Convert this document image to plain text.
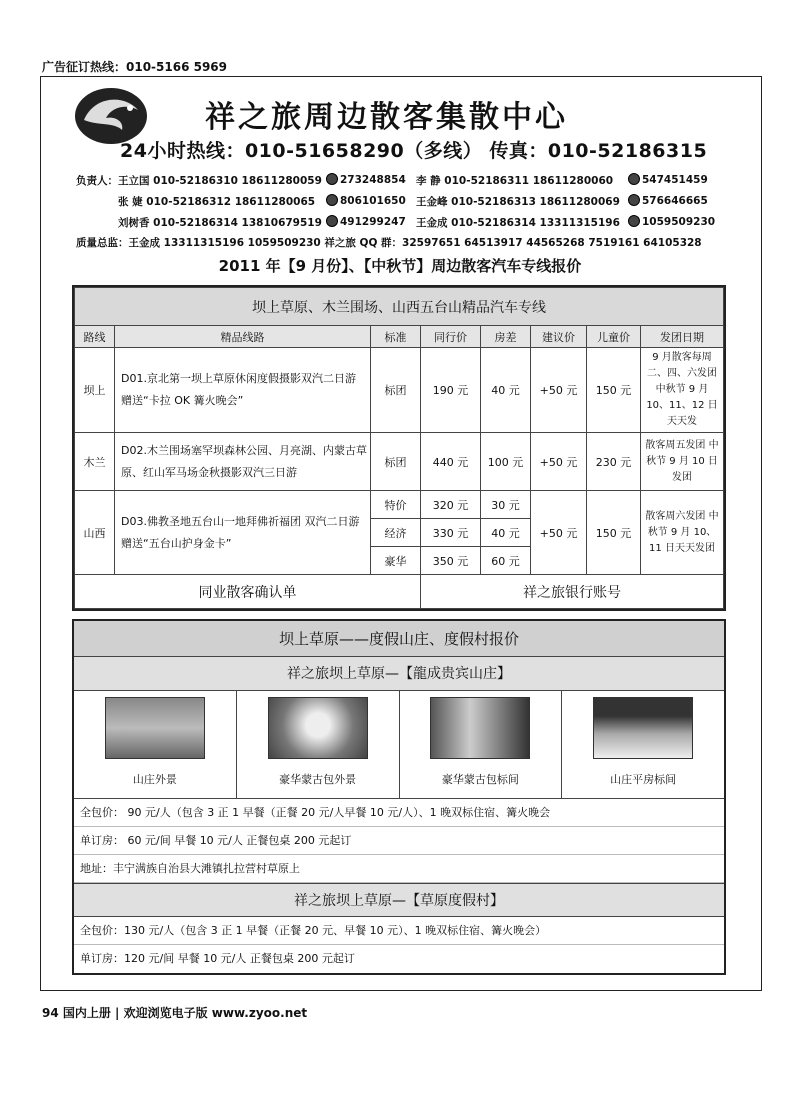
广告征订热线：010-5166 5969
祥之旅周边散客集散中心
24小时热线：010-51658290（多线） 传真：010-52186315
负责人： 王立国 010-52186310 18611280059	273248854 李 静 010-52186311 18611280060	547451459
张 婕 010-52186312 18611280065	806101650 王金峰 010-52186313 18611280069	576646665
刘树香 010-52186314 13810679519	491299247 王金成 010-52186314 13311315196	1059509230
质量总监：王金成 13311315196 1059509230 祥之旅 QQ 群：32597651 64513917 44565268 7519161 64105328
2011 年【9 月份】、【中秋节】周边散客汽车专线报价
坝上草原、木兰围场、山西五台山精品汽车专线							
路线	精品线路	标准	同行价	房差	建议价	儿童价	发团日期
坝上	D01.京北第一坝上草原休闲度假摄影双汽二日游 赠送“卡拉 OK 篝火晚会”	标团	190 元	40 元	+50 元	150 元	9 月散客每周二、四、六发团 中秋节 9 月 10、11、12 日天天发
木兰	D02.木兰围场塞罕坝森林公园、月亮湖、内蒙古草原、红山军马场金秋摄影双汽三日游	标团	440 元	100 元	+50 元	230 元	散客周五发团 中秋节 9 月 10 日发团
山西	D03.佛教圣地五台山一地拜佛祈福团 双汽二日游 赠送“五台山护身金卡”	特价	320 元	30 元	+50 元	150 元	散客周六发团 中秋节 9 月 10、11 日天天发团
		经济	330 元	40 元			
		豪华	350 元	60 元			
同业散客确认单			祥之旅银行账号				
坝上草原——度假山庄、度假村报价
祥之旅坝上草原—【龍成贵宾山庄】
山庄外景	豪华蒙古包外景	豪华蒙古包标间	山庄平房标间
全包价： 90 元/人（包含 3 正 1 早餐（正餐 20 元/人早餐 10 元/人）、1 晚双标住宿、篝火晚会
单订房： 60 元/间 早餐 10 元/人 正餐包桌 200 元起订
地址：丰宁满族自治县大滩镇扎拉营村草原上
祥之旅坝上草原—【草原度假村】
全包价：130 元/人（包含 3 正 1 早餐（正餐 20 元、早餐 10 元）、1 晚双标住宿、篝火晚会）
单订房：120 元/间 早餐 10 元/人 正餐包桌 200 元起订
94 国内上册 | 欢迎浏览电子版 www.zyoo.net
